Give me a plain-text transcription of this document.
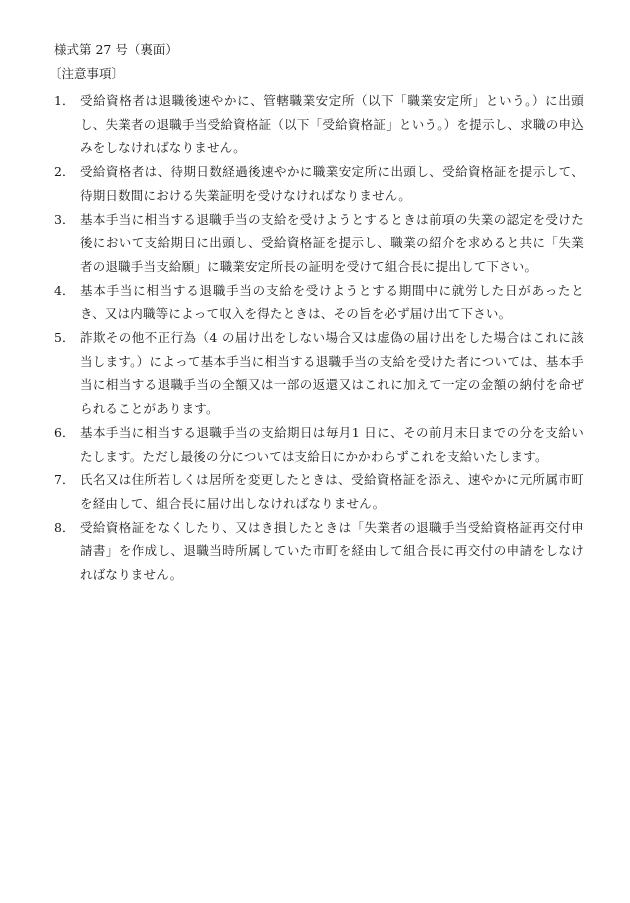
様式第 27 号（裏面）
〔注意事項〕
1． 受給資格者は退職後速やかに、管轄職業安定所（以下「職業安定所」という。）に出頭し、失業者の退職手当受給資格証（以下「受給資格証」という。）を提示し、求職の申込みをしなければなりません。
2． 受給資格者は、待期日数経過後速やかに職業安定所に出頭し、受給資格証を提示して、待期日数間における失業証明を受けなければなりません。
3． 基本手当に相当する退職手当の支給を受けようとするときは前項の失業の認定を受けた後において支給期日に出頭し、受給資格証を提示し、職業の紹介を求めると共に「失業者の退職手当支給願」に職業安定所長の証明を受けて組合長に提出して下さい。
4． 基本手当に相当する退職手当の支給を受けようとする期間中に就労した日があったとき、又は内職等によって収入を得たときは、その旨を必ず届け出て下さい。
5． 詐欺その他不正行為（4 の届け出をしない場合又は虚偽の届け出をした場合はこれに該当します。）によって基本手当に相当する退職手当の支給を受けた者については、基本手当に相当する退職手当の全額又は一部の返還又はこれに加えて一定の金額の納付を命ぜられることがあります。
6． 基本手当に相当する退職手当の支給期日は毎月1 日に、その前月末日までの分を支給いたします。ただし最後の分については支給日にかかわらずこれを支給いたします。
7． 氏名又は住所若しくは居所を変更したときは、受給資格証を添え、速やかに元所属市町を経由して、組合長に届け出しなければなりません。
8． 受給資格証をなくしたり、又はき損したときは「失業者の退職手当受給資格証再交付申請書」を作成し、退職当時所属していた市町を経由して組合長に再交付の申請をしなければなりません。
